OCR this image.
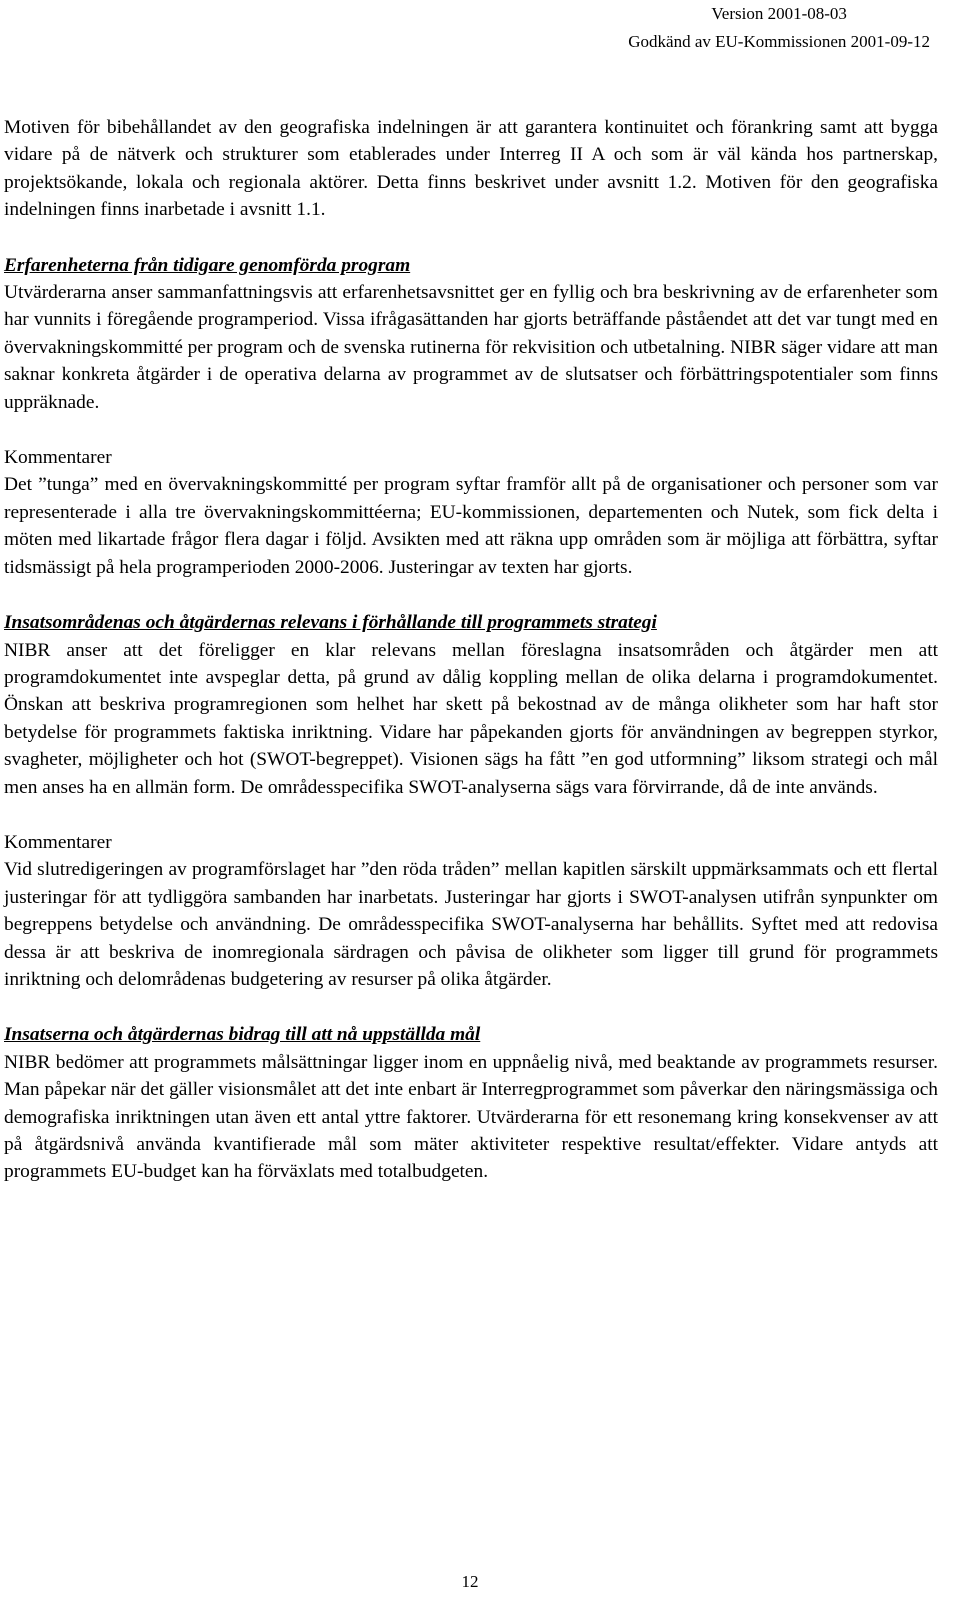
Version 2001-08-03
Godkänd av EU-Kommissionen 2001-09-12

Motiven för bibehållandet av den geografiska indelningen är att garantera kontinuitet och förankring samt att bygga vidare på de nätverk och strukturer som etablerades under Interreg II A och som är väl kända hos partnerskap, projektsökande, lokala och regionala aktörer. Detta finns beskrivet under avsnitt 1.2. Motiven för den geografiska indelningen finns inarbetade i avsnitt 1.1.

Erfarenheterna från tidigare genomförda program

Utvärderarna anser sammanfattningsvis att erfarenhetsavsnittet ger en fyllig och bra beskrivning av de erfarenheter som har vunnits i föregående programperiod. Vissa ifrågasättanden har gjorts beträffande påståendet att det var tungt med en övervakningskommitté per program och de svenska rutinerna för rekvisition och utbetalning. NIBR säger vidare att man saknar konkreta åtgärder i de operativa delarna av programmet av de slutsatser och förbättringspotentialer som finns uppräknade.

Kommentarer

Det ”tunga” med en övervakningskommitté per program syftar framför allt på de organisationer och personer som var representerade i alla tre övervakningskommittéerna; EU-kommissionen, departementen och Nutek, som fick delta i möten med likartade frågor flera dagar i följd. Avsikten med att räkna upp områden som är möjliga att förbättra, syftar tidsmässigt på hela programperioden 2000-2006. Justeringar av texten har gjorts.

Insatsområdenas och åtgärdernas relevans i förhållande till programmets strategi

NIBR anser att det föreligger en klar relevans mellan föreslagna insatsområden och åtgärder men att programdokumentet inte avspeglar detta, på grund av dålig koppling mellan de olika delarna i programdokumentet. Önskan att beskriva programregionen som helhet har skett på bekostnad av de många olikheter som har haft stor betydelse för programmets faktiska inriktning. Vidare har påpekanden gjorts för användningen av begreppen styrkor, svagheter, möjligheter och hot (SWOT-begreppet). Visionen sägs ha fått ”en god utformning” liksom strategi och mål men anses ha en allmän form. De områdesspecifika SWOT-analyserna sägs vara förvirrande, då de inte används.

Kommentarer

Vid slutredigeringen av programförslaget har ”den röda tråden” mellan kapitlen särskilt uppmärksammats och ett flertal justeringar för att tydliggöra sambanden har inarbetats. Justeringar har gjorts i SWOT-analysen utifrån synpunkter om begreppens betydelse och användning. De områdesspecifika SWOT-analyserna har behållits. Syftet med att redovisa dessa är att beskriva de inomregionala särdragen och påvisa de olikheter som ligger till grund för programmets inriktning och delområdenas budgetering av resurser på olika åtgärder.

Insatserna och åtgärdernas bidrag till att nå uppställda mål

NIBR bedömer att programmets målsättningar ligger inom en uppnåelig nivå, med beaktande av programmets resurser. Man påpekar när det gäller visionsmålet att det inte enbart är Interregprogrammet som påverkar den näringsmässiga och demografiska inriktningen utan även ett antal yttre faktorer. Utvärderarna för ett resonemang kring konsekvenser av att på åtgärdsnivå använda kvantifierade mål som mäter aktiviteter respektive resultat/effekter. Vidare antyds att programmets EU-budget kan ha förväxlats med totalbudgeten.

12
